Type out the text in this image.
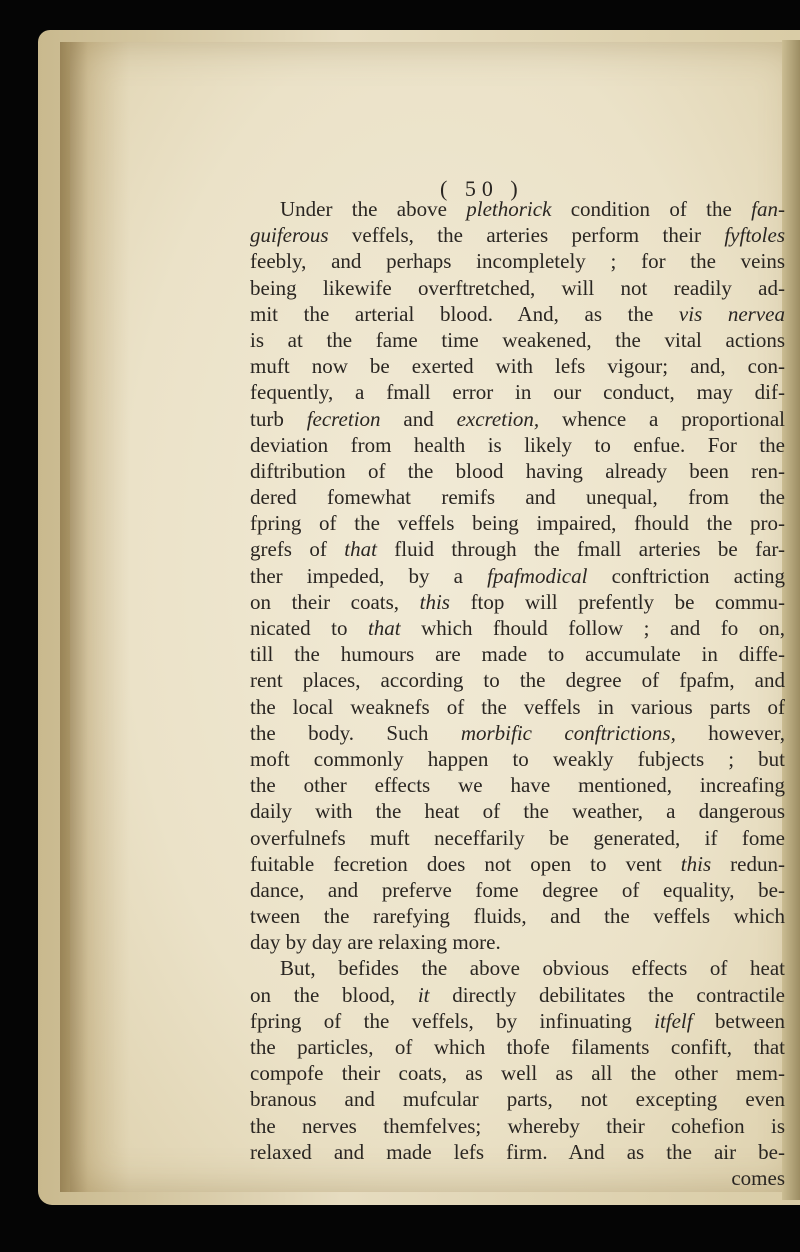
( 50 )
Under the above plethorick condition of the fan-
guiferous veffels, the arteries perform their fyftoles
feebly, and perhaps incompletely ; for the veins
being likewife overftretched, will not readily ad-
mit the arterial blood. And, as the vis nervea
is at the fame time weakened, the vital actions
muft now be exerted with lefs vigour; and, con-
fequently, a fmall error in our conduct, may dif-
turb fecretion and excretion, whence a proportional
deviation from health is likely to enfue. For the
diftribution of the blood having already been ren-
dered fomewhat remifs and unequal, from the
fpring of the veffels being impaired, fhould the pro-
grefs of that fluid through the fmall arteries be far-
ther impeded, by a fpafmodical conftriction acting
on their coats, this ftop will prefently be commu-
nicated to that which fhould follow ; and fo on,
till the humours are made to accumulate in diffe-
rent places, according to the degree of fpafm, and
the local weaknefs of the veffels in various parts of
the body. Such morbific conftrictions, however,
moft commonly happen to weakly fubjects ; but
the other effects we have mentioned, increafing
daily with the heat of the weather, a dangerous
overfulnefs muft neceffarily be generated, if fome
fuitable fecretion does not open to vent this redun-
dance, and preferve fome degree of equality, be-
tween the rarefying fluids, and the veffels which
day by day are relaxing more.
But, befides the above obvious effects of heat
on the blood, it directly debilitates the contractile
fpring of the veffels, by infinuating itfelf between
the particles, of which thofe filaments confift, that
compofe their coats, as well as all the other mem-
branous and mufcular parts, not excepting even
the nerves themfelves; whereby their cohefion is
relaxed and made lefs firm. And as the air be-
comes
